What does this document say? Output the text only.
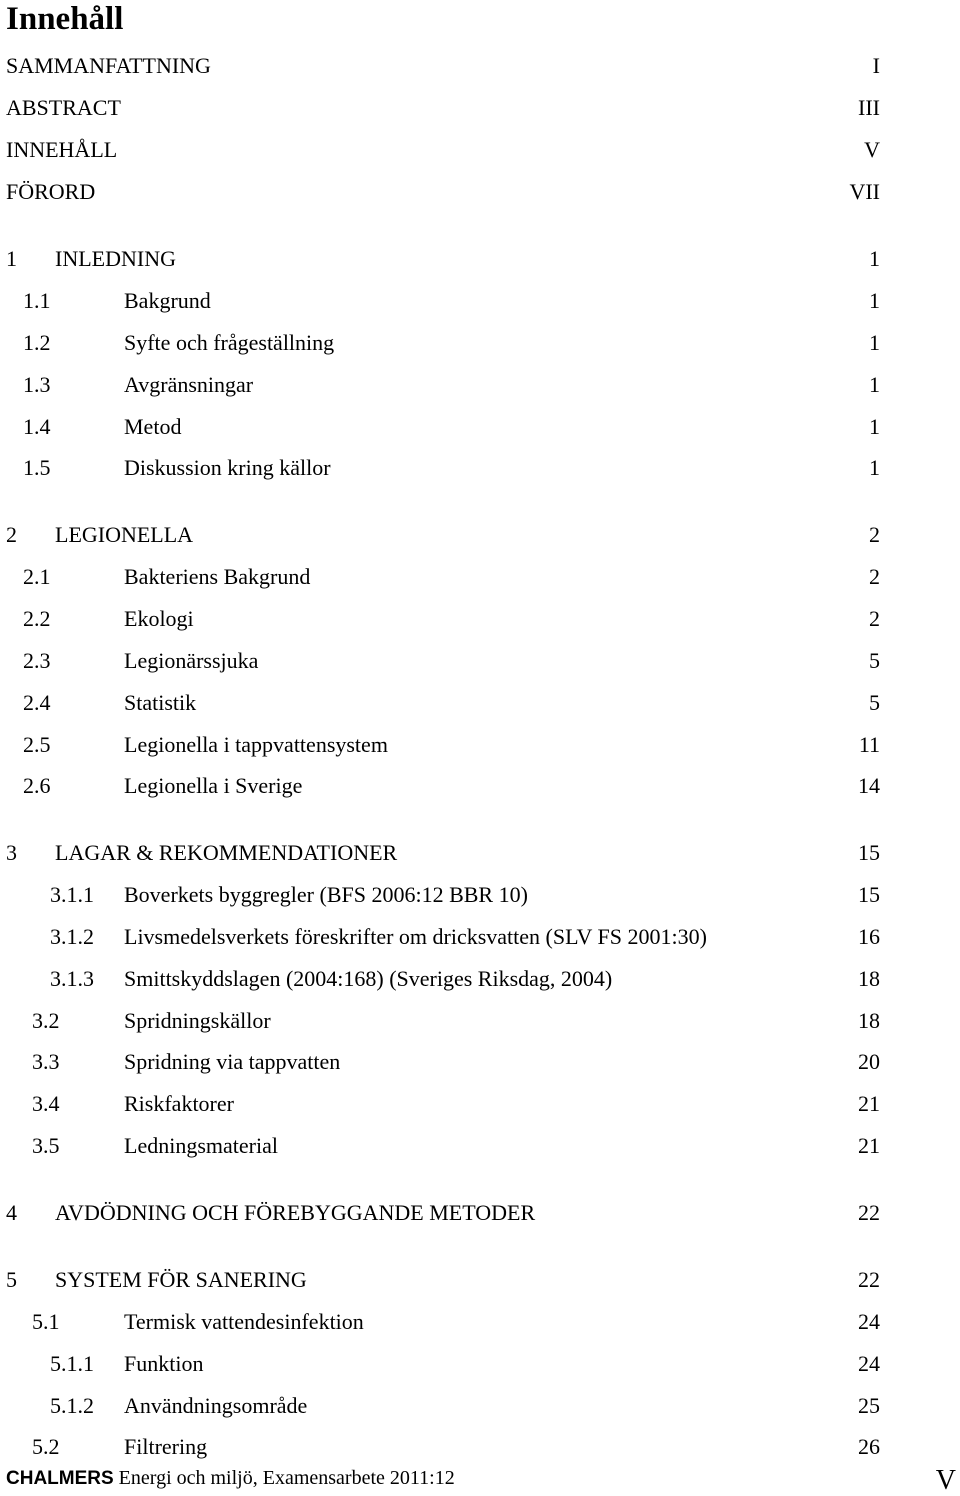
Innehåll
SAMMANFATTNING	I
ABSTRACT	III
INNEHÅLL	V
FÖRORD	VII
1 INLEDNING	1
1.1	Bakgrund	1
1.2	Syfte och frågeställning	1
1.3	Avgränsningar	1
1.4	Metod	1
1.5	Diskussion kring källor	1
2 LEGIONELLA	2
2.1	Bakteriens Bakgrund	2
2.2	Ekologi	2
2.3	Legionärssjuka	5
2.4	Statistik	5
2.5	Legionella i tappvattensystem	11
2.6	Legionella i Sverige	14
3 LAGAR & REKOMMENDATIONER	15
3.1.1 Boverkets byggregler (BFS 2006:12 BBR 10)	15
3.1.2 Livsmedelsverkets föreskrifter om dricksvatten (SLV FS 2001:30)	16
3.1.3 Smittskyddslagen (2004:168) (Sveriges Riksdag, 2004)	18
3.2	Spridningskällor	18
3.3	Spridning via tappvatten	20
3.4	Riskfaktorer	21
3.5	Ledningsmaterial	21
4 AVDÖDNING OCH FÖREBYGGANDE METODER	22
5 SYSTEM FÖR SANERING	22
5.1	Termisk vattendesinfektion	24
5.1.1 Funktion	24
5.1.2 Användningsområde	25
5.2	Filtrering	26
CHALMERS Energi och miljö, Examensarbete 2011:12	V
